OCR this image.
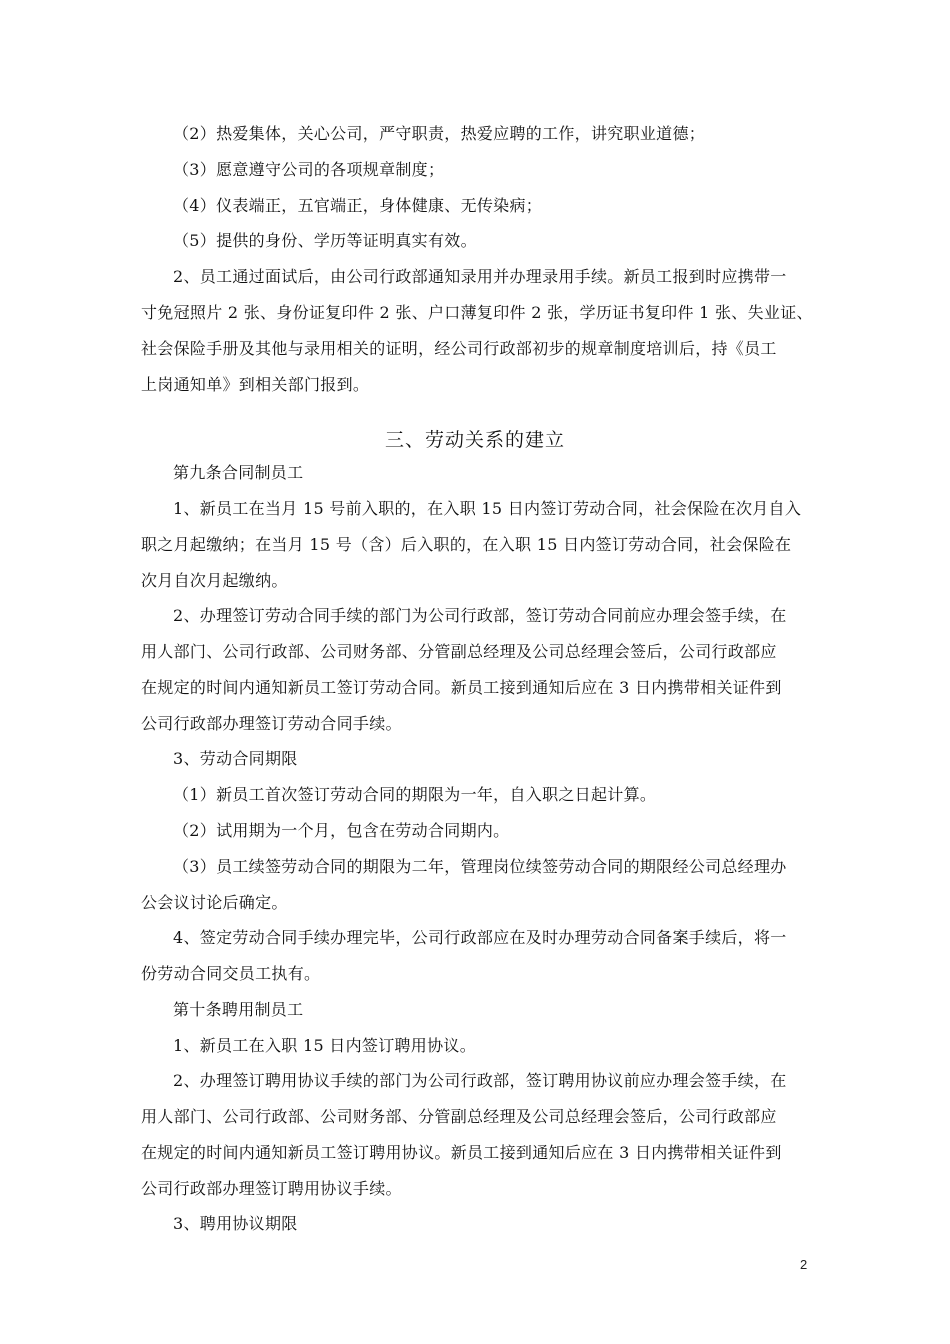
（2）热爱集体，关心公司，严守职责，热爱应聘的工作，讲究职业道德；
（3）愿意遵守公司的各项规章制度；
（4）仪表端正，五官端正，身体健康、无传染病；
（5）提供的身份、学历等证明真实有效。
2、员工通过面试后，由公司行政部通知录用并办理录用手续。新员工报到时应携带一
寸免冠照片 2 张、身份证复印件 2 张、户口薄复印件 2 张，学历证书复印件 1 张、失业证、
社会保险手册及其他与录用相关的证明，经公司行政部初步的规章制度培训后，持《员工
上岗通知单》到相关部门报到。
三、劳动关系的建立
第九条合同制员工
1、新员工在当月 15 号前入职的，在入职 15 日内签订劳动合同，社会保险在次月自入
职之月起缴纳；在当月 15 号（含）后入职的，在入职 15 日内签订劳动合同，社会保险在
次月自次月起缴纳。
2、办理签订劳动合同手续的部门为公司行政部，签订劳动合同前应办理会签手续，在
用人部门、公司行政部、公司财务部、分管副总经理及公司总经理会签后，公司行政部应
在规定的时间内通知新员工签订劳动合同。新员工接到通知后应在 3 日内携带相关证件到
公司行政部办理签订劳动合同手续。
3、劳动合同期限
（1）新员工首次签订劳动合同的期限为一年，自入职之日起计算。
（2）试用期为一个月，包含在劳动合同期内。
（3）员工续签劳动合同的期限为二年，管理岗位续签劳动合同的期限经公司总经理办
公会议讨论后确定。
4、签定劳动合同手续办理完毕，公司行政部应在及时办理劳动合同备案手续后，将一
份劳动合同交员工执有。
第十条聘用制员工
1、新员工在入职 15 日内签订聘用协议。
2、办理签订聘用协议手续的部门为公司行政部，签订聘用协议前应办理会签手续，在
用人部门、公司行政部、公司财务部、分管副总经理及公司总经理会签后，公司行政部应
在规定的时间内通知新员工签订聘用协议。新员工接到通知后应在 3 日内携带相关证件到
公司行政部办理签订聘用协议手续。
3、聘用协议期限
2
